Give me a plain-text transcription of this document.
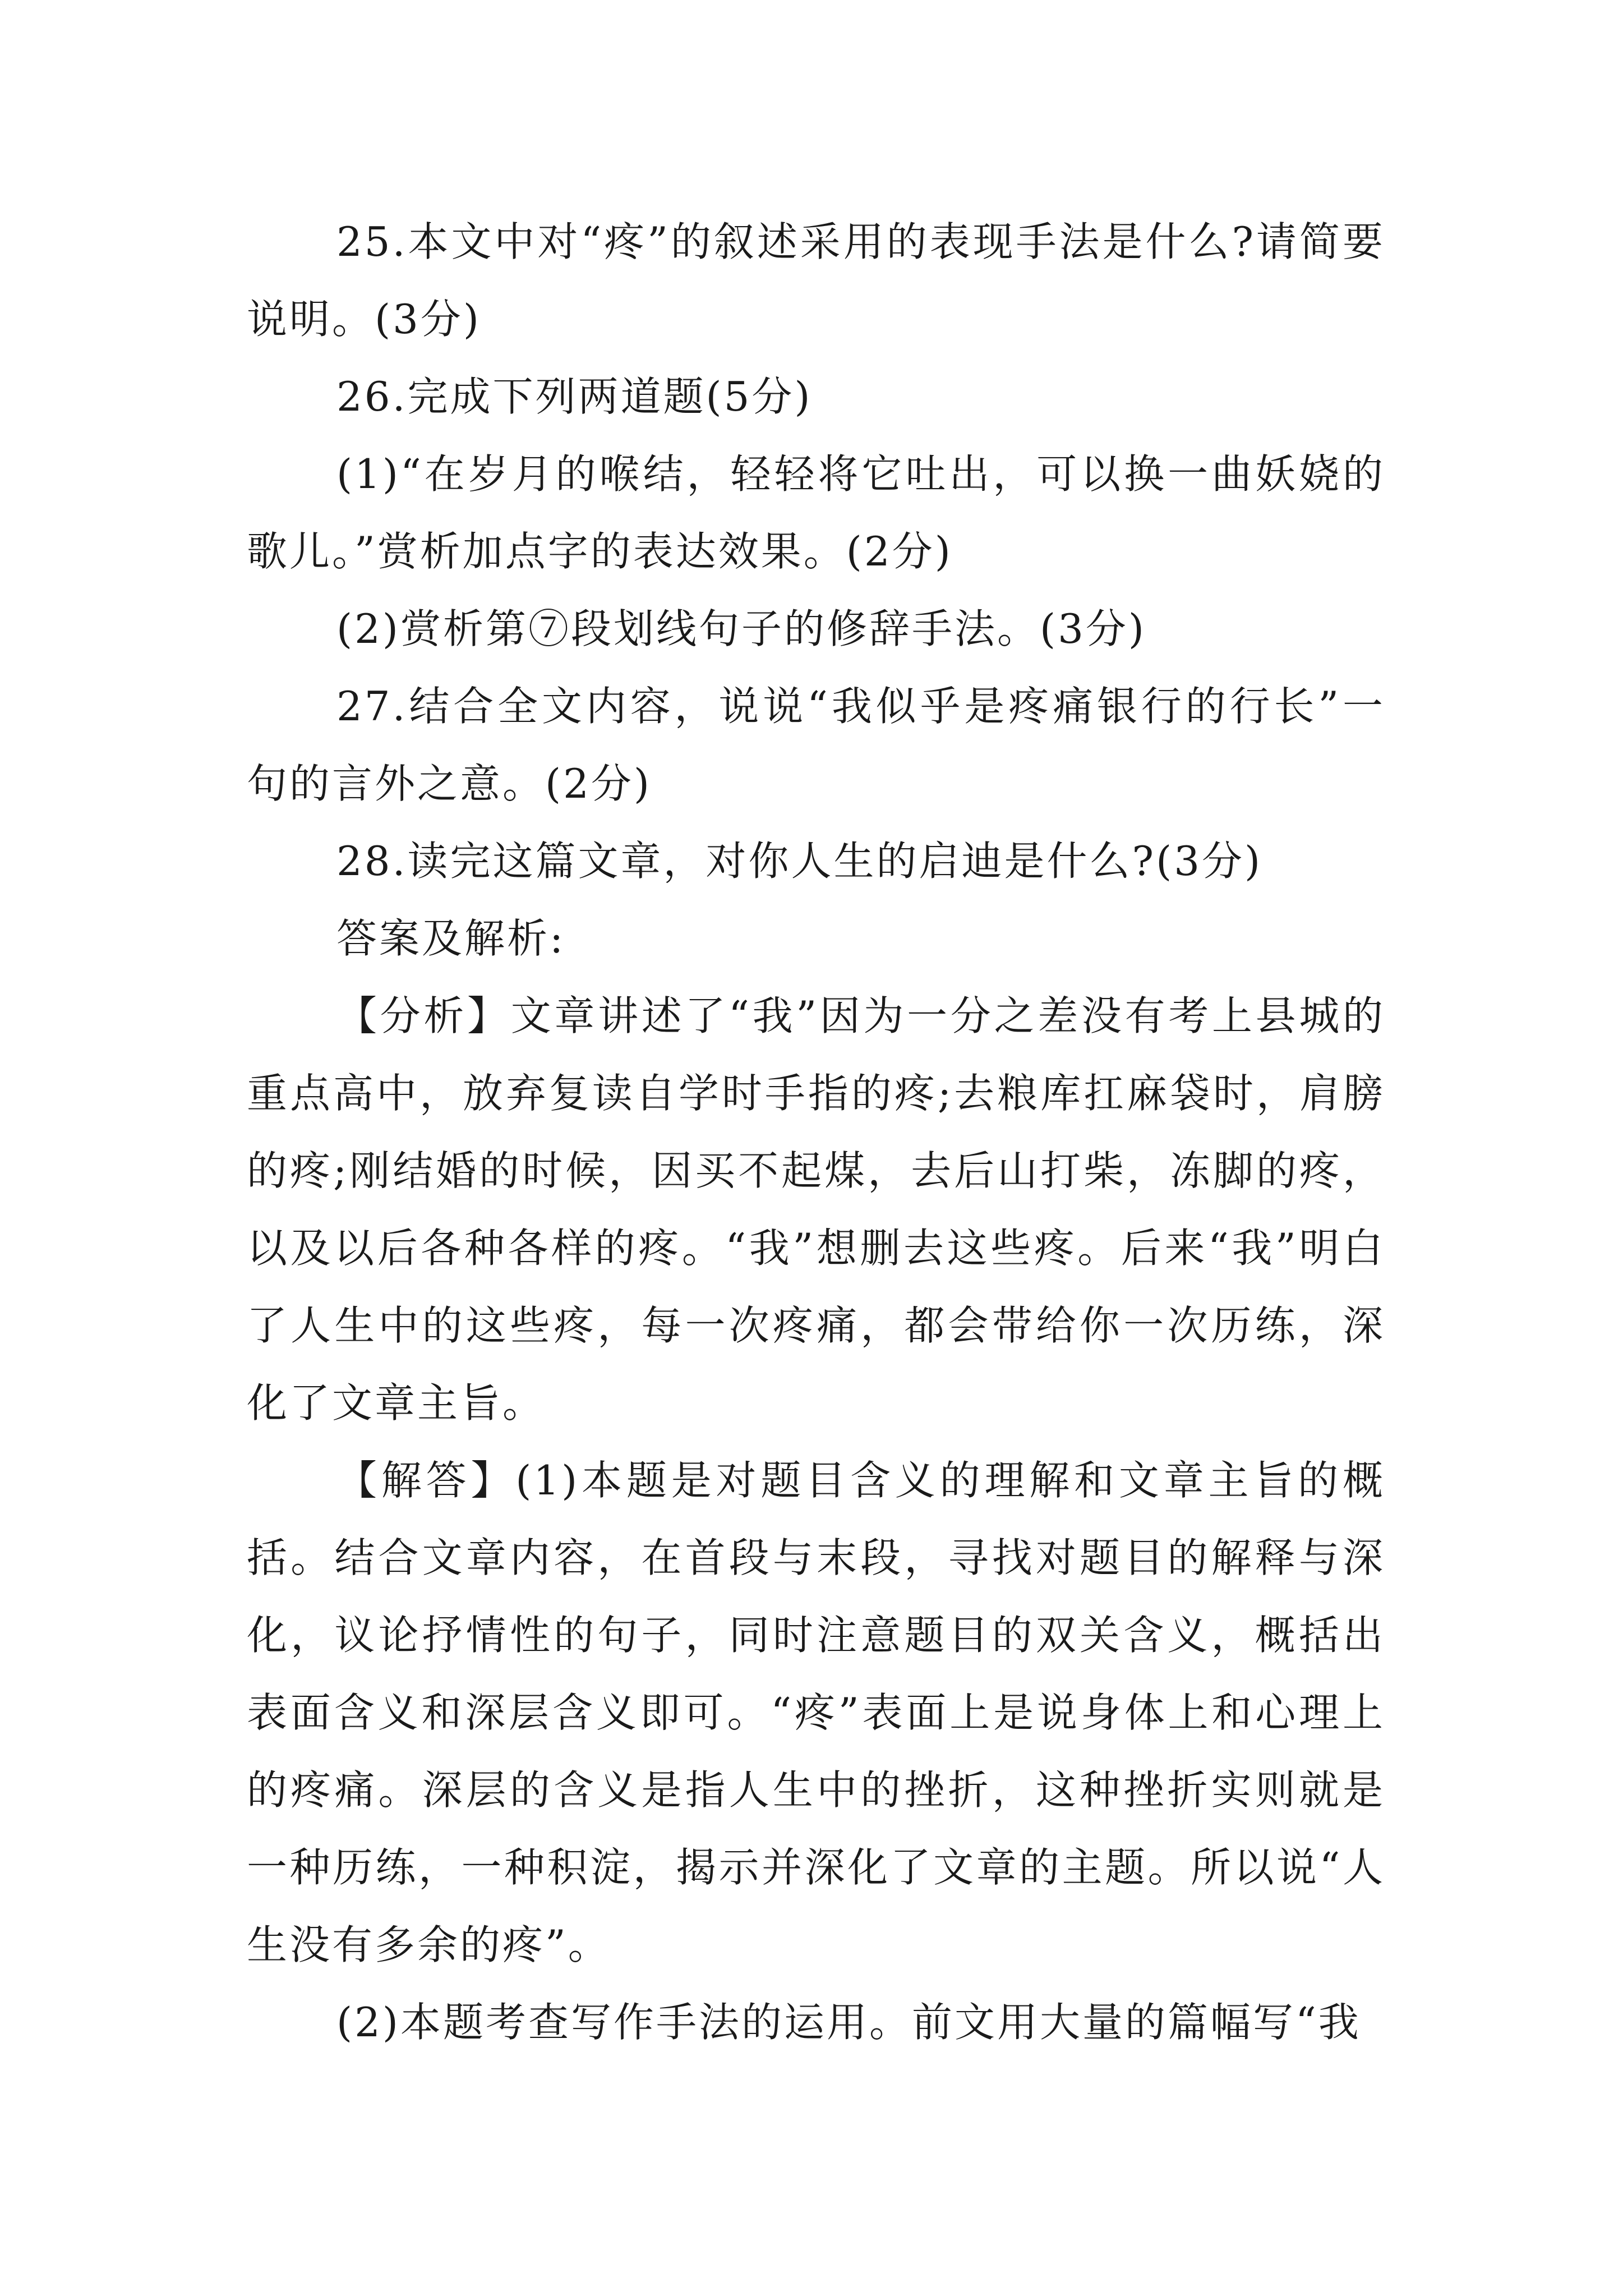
25.本文中对“疼”的叙述采用的表现手法是什么?请简要说明。(3分)

26.完成下列两道题(5分)

(1)“在岁月的喉结，轻轻将它吐出，可以换一曲妖娆的歌儿。”赏析加点字的表达效果。(2分)

(2)赏析第⑦段划线句子的修辞手法。(3分)

27.结合全文内容，说说“我似乎是疼痛银行的行长”一句的言外之意。(2分)

28.读完这篇文章，对你人生的启迪是什么?(3分)

答案及解析:

【分析】文章讲述了“我”因为一分之差没有考上县城的重点高中，放弃复读自学时手指的疼;去粮库扛麻袋时，肩膀的疼;刚结婚的时候，因买不起煤，去后山打柴，冻脚的疼，以及以后各种各样的疼。“我”想删去这些疼。后来“我”明白了人生中的这些疼，每一次疼痛，都会带给你一次历练，深化了文章主旨。

【解答】(1)本题是对题目含义的理解和文章主旨的概括。结合文章内容，在首段与末段，寻找对题目的解释与深化，议论抒情性的句子，同时注意题目的双关含义，概括出表面含义和深层含义即可。“疼”表面上是说身体上和心理上的疼痛。深层的含义是指人生中的挫折，这种挫折实则就是一种历练，一种积淀，揭示并深化了文章的主题。所以说“人生没有多余的疼”。

(2)本题考查写作手法的运用。前文用大量的篇幅写“我
